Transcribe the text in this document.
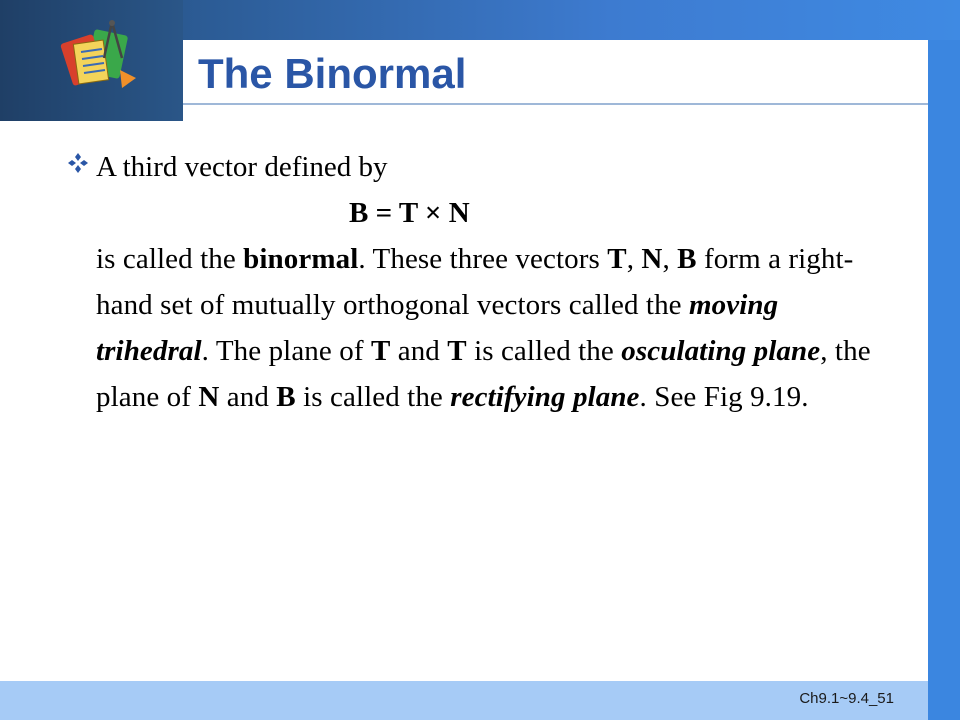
The Binormal

A third vector defined by

B = T × N

is called the binormal. These three vectors T, N, B form a right-hand set of mutually orthogonal vectors called the moving trihedral. The plane of T and T is called the osculating plane, the plane of N and B is called the rectifying plane. See Fig 9.19.

Ch9.1~9.4_51
